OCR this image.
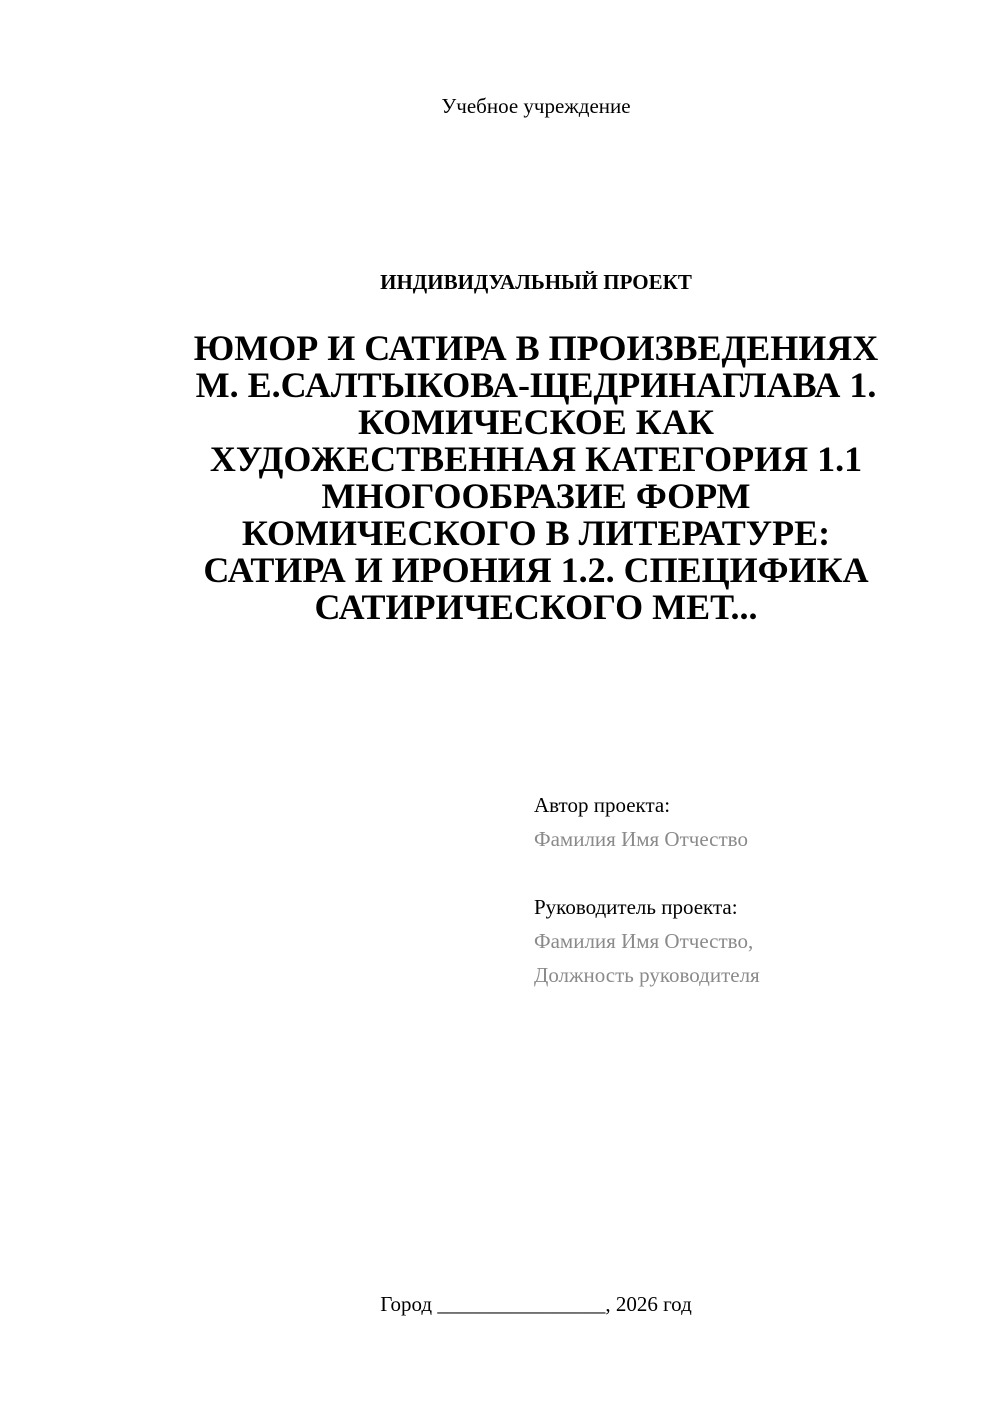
Учебное учреждение
ИНДИВИДУАЛЬНЫЙ ПРОЕКТ
ЮМОР И САТИРА В ПРОИЗВЕДЕНИЯХ
М. Е.САЛТЫКОВА-ЩЕДРИНАГЛАВА 1.
КОМИЧЕСКОЕ КАК
ХУДОЖЕСТВЕННАЯ КАТЕГОРИЯ 1.1
МНОГООБРАЗИЕ ФОРМ
КОМИЧЕСКОГО В ЛИТЕРАТУРЕ:
САТИРА И ИРОНИЯ 1.2. СПЕЦИФИКА
САТИРИЧЕСКОГО МЕТ...
Автор проекта:
Фамилия Имя Отчество
Руководитель проекта:
Фамилия Имя Отчество,
Должность руководителя
Город ________________, 2026 год
